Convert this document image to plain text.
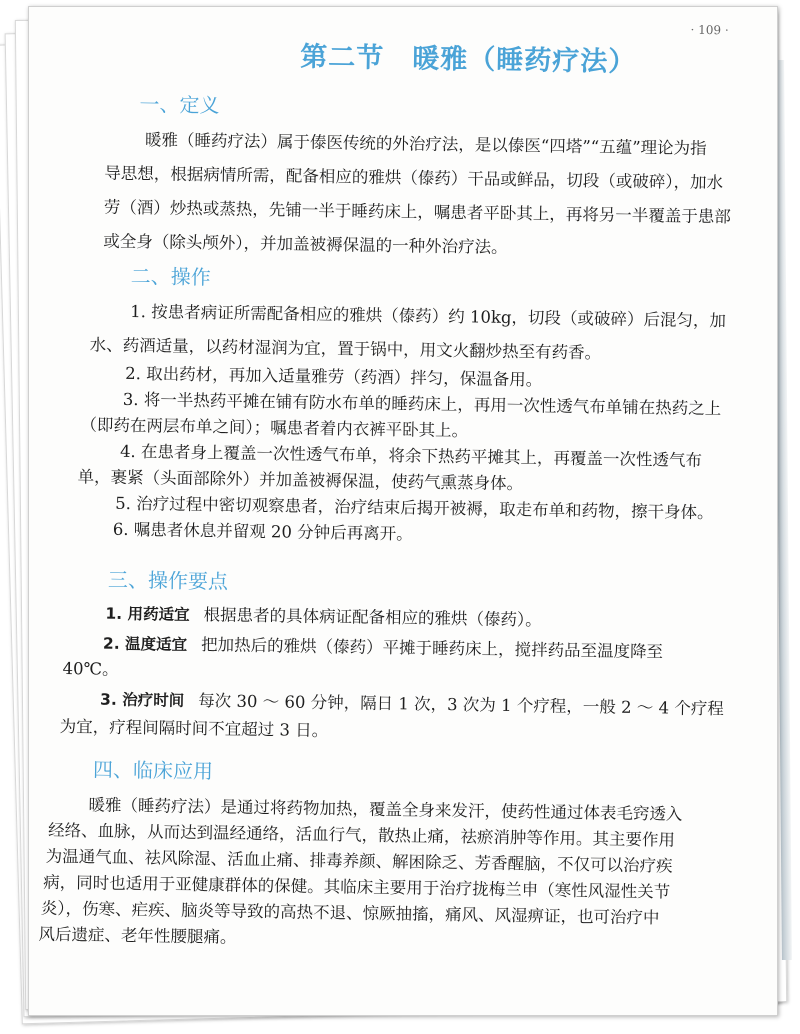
· 109 ·
第二节　暖雅（睡药疗法）
一、定义
暖雅（睡药疗法）属于傣医传统的外治疗法，是以傣医“四塔”“五蕴”理论为指
导思想，根据病情所需，配备相应的雅烘（傣药）干品或鲜品，切段（或破碎），加水
劳（酒）炒热或蒸热，先铺一半于睡药床上，嘱患者平卧其上，再将另一半覆盖于患部
或全身（除头颅外），并加盖被褥保温的一种外治疗法。
二、操作
1. 按患者病证所需配备相应的雅烘（傣药）约 10kg，切段（或破碎）后混匀，加
水、药酒适量，以药材湿润为宜，置于锅中，用文火翻炒热至有药香。
2. 取出药材，再加入适量雅劳（药酒）拌匀，保温备用。
3. 将一半热药平摊在铺有防水布单的睡药床上，再用一次性透气布单铺在热药之上
（即药在两层布单之间）；嘱患者着内衣裤平卧其上。
4. 在患者身上覆盖一次性透气布单，将余下热药平摊其上，再覆盖一次性透气布
单，裹紧（头面部除外）并加盖被褥保温，使药气熏蒸身体。
5. 治疗过程中密切观察患者，治疗结束后揭开被褥，取走布单和药物，擦干身体。
6. 嘱患者休息并留观 20 分钟后再离开。
三、操作要点
1. 用药适宜 根据患者的具体病证配备相应的雅烘（傣药）。
2. 温度适宜 把加热后的雅烘（傣药）平摊于睡药床上，搅拌药品至温度降至
40℃。
3. 治疗时间 每次 30 ～ 60 分钟，隔日 1 次，3 次为 1 个疗程，一般 2 ～ 4 个疗程
为宜，疗程间隔时间不宜超过 3 日。
四、临床应用
暖雅（睡药疗法）是通过将药物加热，覆盖全身来发汗，使药性通过体表毛窍透入
经络、血脉，从而达到温经通络，活血行气，散热止痛，祛瘀消肿等作用。其主要作用
为温通气血、祛风除湿、活血止痛、排毒养颜、解困除乏、芳香醒脑，不仅可以治疗疾
病，同时也适用于亚健康群体的保健。其临床主要用于治疗拢梅兰申（寒性风湿性关节
炎），伤寒、疟疾、脑炎等导致的高热不退、惊厥抽搐，痛风、风湿痹证，也可治疗中
风后遗症、老年性腰腿痛。
